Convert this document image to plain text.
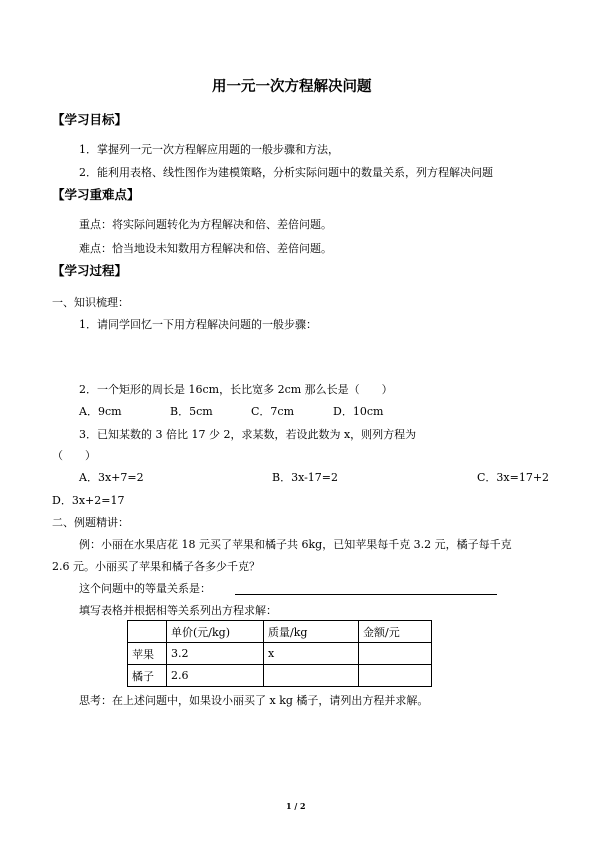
用一元一次方程解决问题
【学习目标】
1．掌握列一元一次方程解应用题的一般步骤和方法，
2．能利用表格、线性图作为建模策略，分析实际问题中的数量关系，列方程解决问题
【学习重难点】
重点：将实际问题转化为方程解决和倍、差倍问题。
难点：恰当地设未知数用方程解决和倍、差倍问题。
【学习过程】
一、知识梳理：
1．请同学回忆一下用方程解决问题的一般步骤：
2．一个矩形的周长是 16cm，长比宽多 2cm 那么长是（　　）
A．9cm	B．5cm	C．7cm	D．10cm
3．已知某数的 3 倍比 17 少 2，求某数，若设此数为 x，则列方程为
（　　）
A．3x+7=2	B．3x-17=2	C．3x=17+2
D．3x+2=17
二、例题精讲：
例：小丽在水果店花 18 元买了苹果和橘子共 6kg，已知苹果每千克 3.2 元，橘子每千克
2.6 元。小丽买了苹果和橘子各多少千克？
这个问题中的等量关系是：
填写表格并根据相等关系列出方程求解：
	单价(元/kg)	质量/kg	金额/元
苹果	3.2	x	
橘子	2.6		
思考：在上述问题中，如果设小丽买了 x kg 橘子，请列出方程并求解。
1 / 2
